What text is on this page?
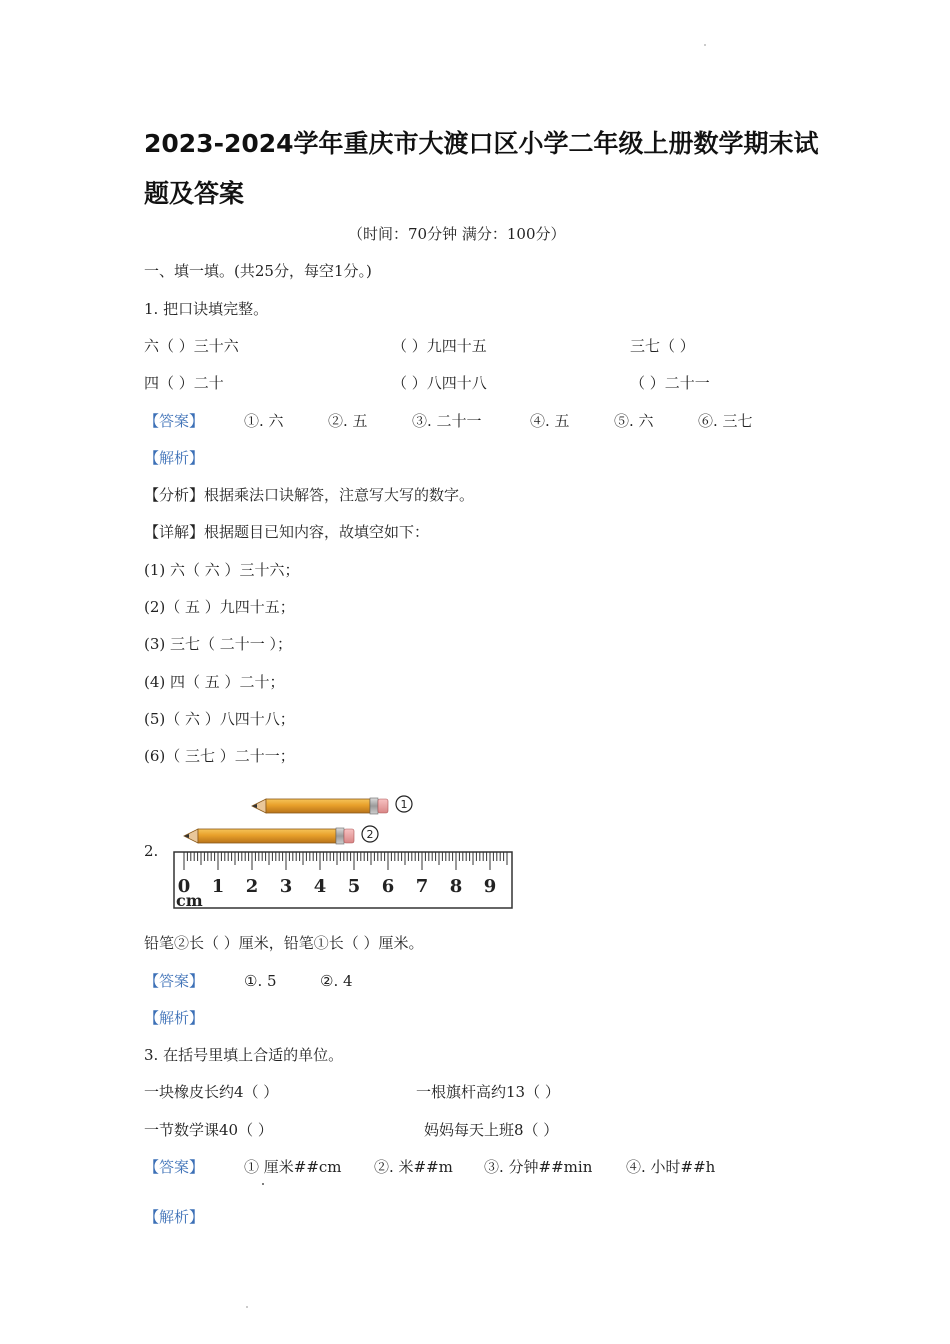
2023-2024学年重庆市大渡口区小学二年级上册数学期末试
题及答案
（时间：70分钟 满分：100分）
一、填一填。(共25分，每空1分。)
1. 把口诀填完整。
六（ ）三十六	（ ）九四十五	三七（ ）
四（ ）二十	（ ）八四十八	（ ）二十一
【答案】	①. 六	②. 五	③. 二十一	④. 五	⑤. 六	⑥. 三七
【解析】
【分析】根据乘法口诀解答，注意写大写的数字。
【详解】根据题目已知内容，故填空如下：
(1) 六（ 六 ）三十六；
(2)（ 五 ）九四十五；
(3) 三七（ 二十一 ）；
(4) 四（ 五 ）二十；
(5)（ 六 ）八四十八；
(6)（ 三七 ）二十一；
2.
1
2
0 1 2 3 4 5 6 7 8 9
cm
铅笔②长（ ）厘米，铅笔①长（ ）厘米。
【答案】	①. 5	②. 4
【解析】
3. 在括号里填上合适的单位。
一块橡皮长约4（ ）	一根旗杆高约13（ ）
一节数学课40（ ）	妈妈每天上班8（ ）
【答案】	① 厘米##cm ②. 米##m ③. 分钟##min ④. 小时##h
【解析】
